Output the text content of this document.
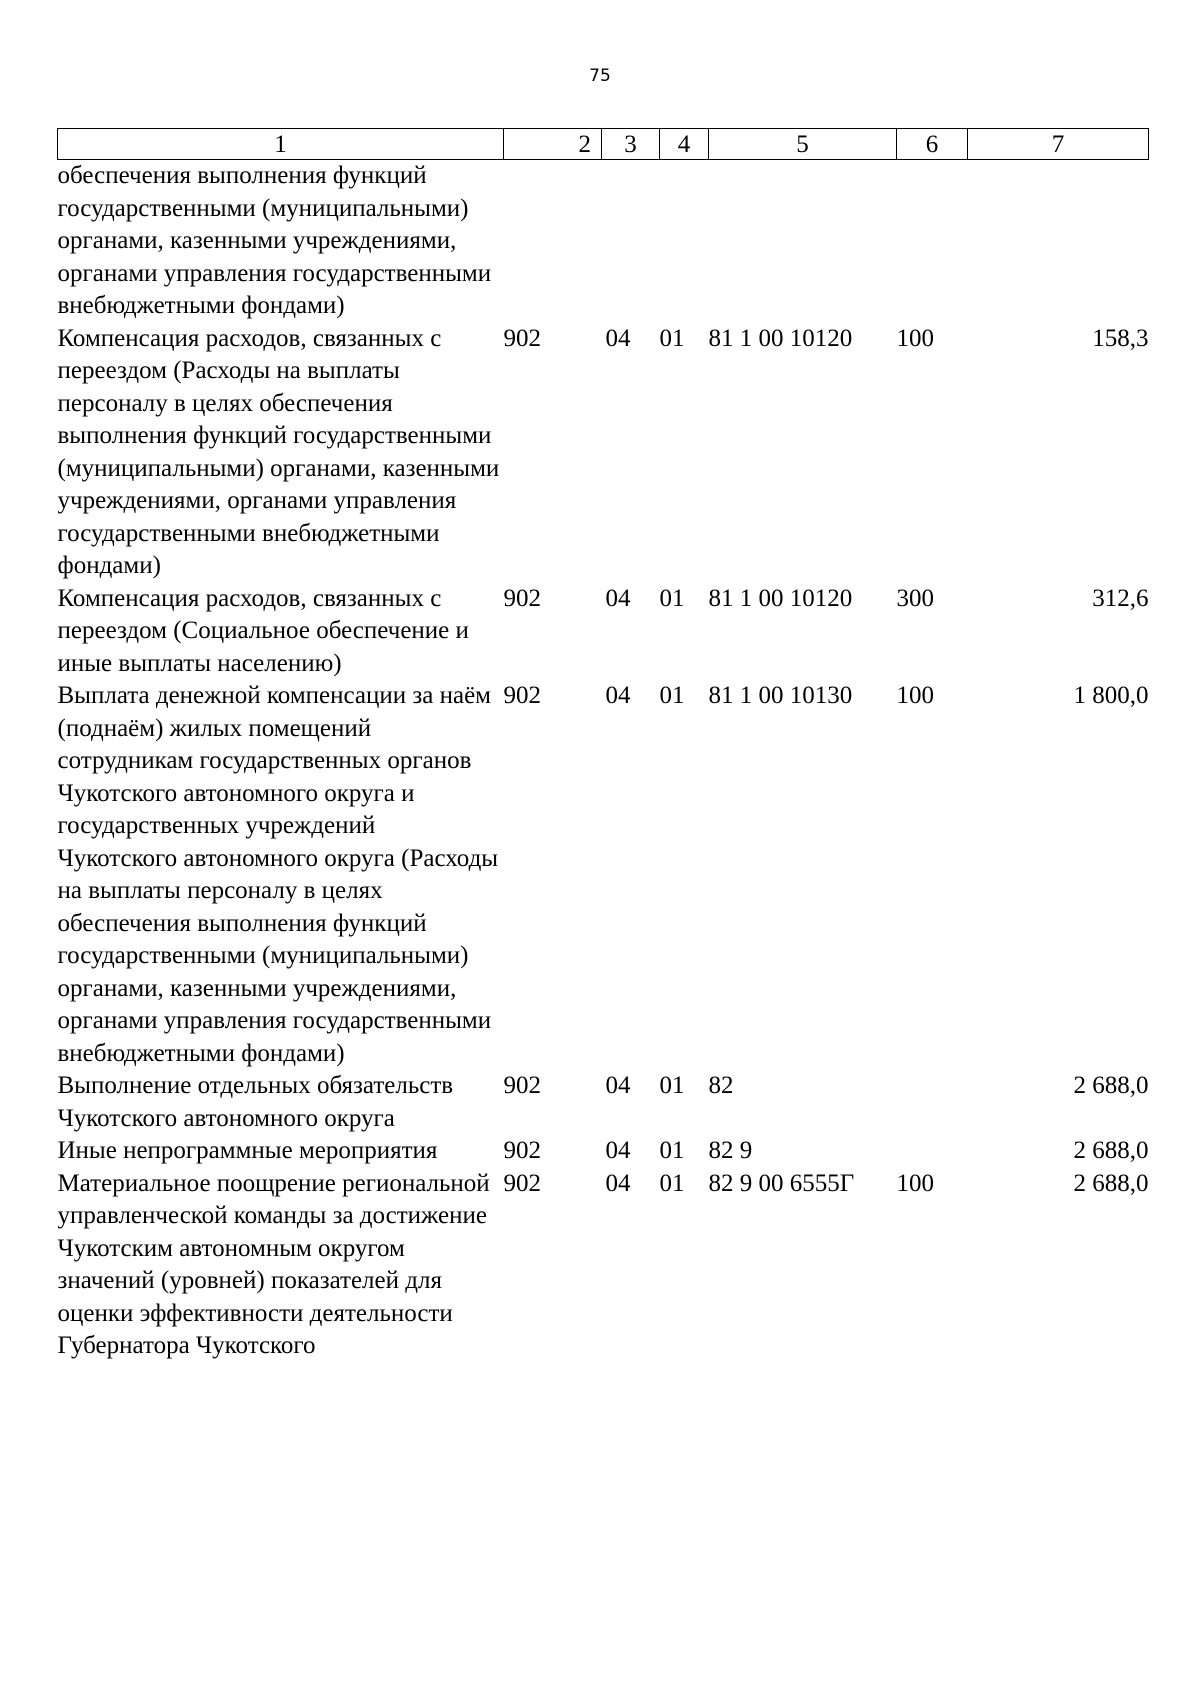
75
1	2	3	4	5	6	7
обеспечения выполнения функций государственными (муниципальными) органами, казенными учреждениями, органами управления государственными внебюджетными фондами)						
Компенсация расходов, связанных с переездом (Расходы на выплаты персоналу в целях обеспечения выполнения функций государственными (муниципальными) органами, казенными учреждениями, органами управления государственными внебюджетными фондами)	902	04	01	81 1 00 10120	100	158,3
Компенсация расходов, связанных с переездом (Социальное обеспечение и иные выплаты населению)	902	04	01	81 1 00 10120	300	312,6
Выплата денежной компенсации за наём (поднаём) жилых помещений сотрудникам государственных органов Чукотского автономного округа и государственных учреждений Чукотского автономного округа (Расходы на выплаты персоналу в целях обеспечения выполнения функций государственными (муниципальными) органами, казенными учреждениями, органами управления государственными внебюджетными фондами)	902	04	01	81 1 00 10130	100	1 800,0
Выполнение отдельных обязательств Чукотского автономного округа	902	04	01	82		2 688,0
Иные непрограммные мероприятия	902	04	01	82 9		2 688,0
Материальное поощрение региональной управленческой команды за достижение Чукотским автономным округом значений (уровней) показателей для оценки эффективности деятельности Губернатора Чукотского	902	04	01	82 9 00 6555Г	100	2 688,0
